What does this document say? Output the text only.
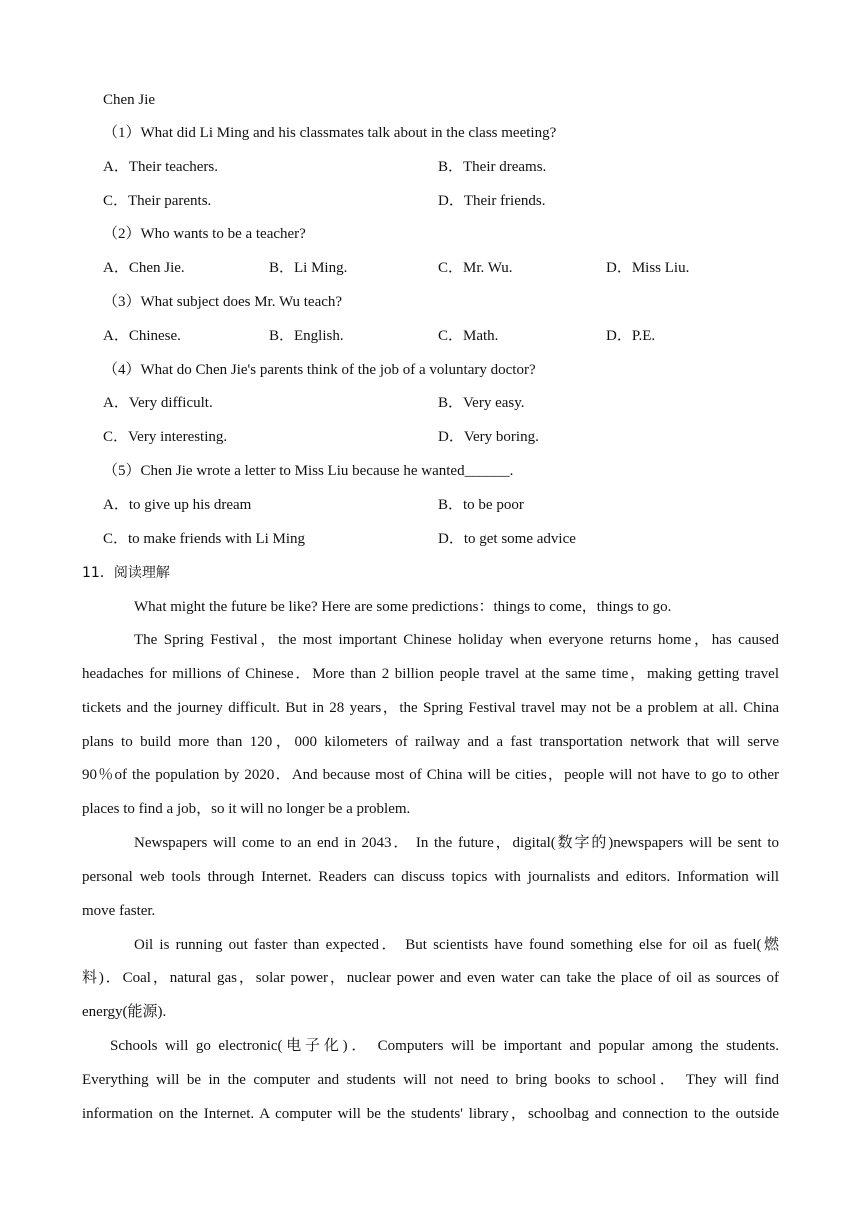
Chen Jie
（1）What did Li Ming and his classmates talk about in the class meeting?
A．Their teachers.	B．Their dreams.
C．Their parents.	D．Their friends.
（2）Who wants to be a teacher?
A．Chen Jie.	B．Li Ming.	C．Mr. Wu.	D．Miss Liu.
（3）What subject does Mr. Wu teach?
A．Chinese.	B．English.	C．Math.	D．P.E.
（4）What do Chen Jie's parents think of the job of a voluntary doctor?
A．Very difficult.	B．Very easy.
C．Very interesting.	D．Very boring.
（5）Chen Jie wrote a letter to Miss Liu because he wanted______.
A．to give up his dream	B．to be poor
C．to make friends with Li Ming	D．to get some advice
11．阅读理解
What might the future be like? Here are some predictions：things to come，things to go.
The Spring Festival，the most important Chinese holiday when everyone returns home，has caused
headaches for millions of Chinese．More than 2 billion people travel at the same time，making getting travel
tickets and the journey difficult. But in 28 years，the Spring Festival travel may not be a problem at all. China
plans to build more than 120，000 kilometers of railway and a fast transportation network that will serve
90％of the population by 2020．And because most of China will be cities，people will not have to go to other
places to find a job，so it will no longer be a problem.
Newspapers will come to an end in 2043． In the future，digital(数字的)newspapers will be sent to
personal web tools through Internet. Readers can discuss topics with journalists and editors. Information will
move faster.
Oil is running out faster than expected． But scientists have found something else for oil as fuel(燃
料)．Coal，natural gas，solar power，nuclear power and even water can take the place of oil as sources of
energy(能源).
Schools will go electronic(电子化)． Computers will be important and popular among the students.
Everything will be in the computer and students will not need to bring books to school． They will find
information on the Internet. A computer will be the students' library，schoolbag and connection to the outside
